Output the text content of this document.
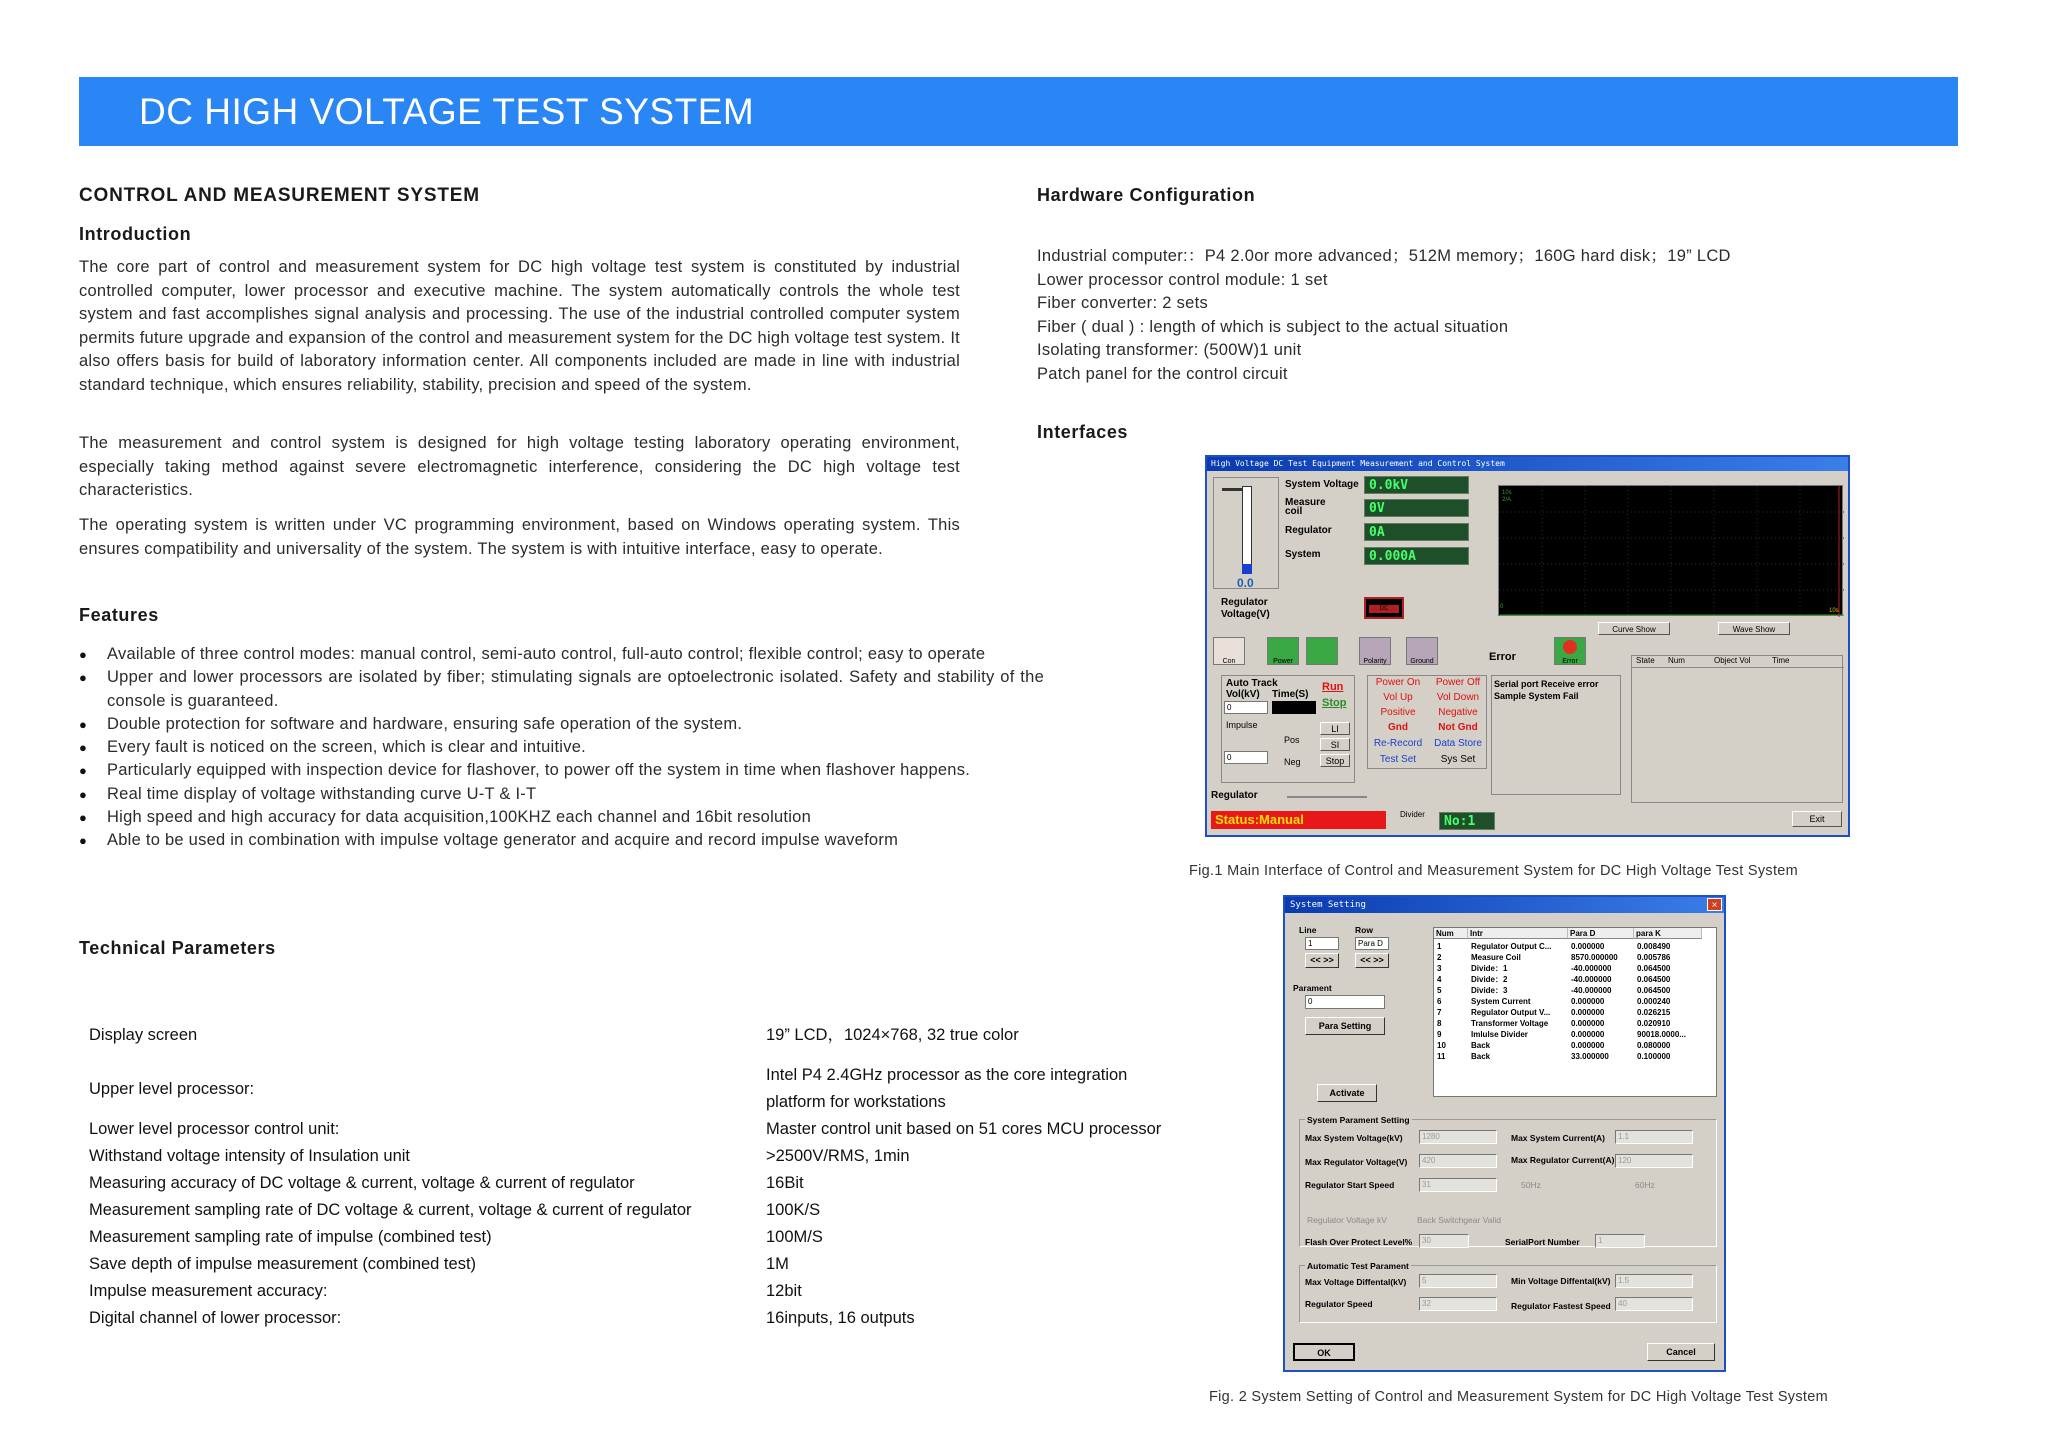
DC HIGH VOLTAGE TEST SYSTEM
CONTROL AND MEASUREMENT SYSTEM
Introduction

The core part of control and measurement system for DC high voltage test system is constituted by industrial controlled computer, lower processor and executive machine. The system automatically controls the whole test system and fast accomplishes signal analysis and processing. The use of the industrial controlled computer system permits future upgrade and expansion of the control and measurement system for the DC high voltage test system. It also offers basis for build of laboratory information center. All components included are made in line with industrial standard technique, which ensures reliability, stability, precision and speed of the system.

The measurement and control system is designed for high voltage testing laboratory operating environment, especially taking method against severe electromagnetic interference, considering the DC high voltage test characteristics.

The operating system is written under VC programming environment, based on Windows operating system. This ensures compatibility and universality of the system. The system is with intuitive interface, easy to operate.

Features
● Available of three control modes: manual control, semi-auto control, full-auto control; flexible control; easy to operate
● Upper and lower processors are isolated by fiber; stimulating signals are optoelectronic isolated. Safety and stability of the console is guaranteed.
● Double protection for software and hardware, ensuring safe operation of the system.
● Every fault is noticed on the screen, which is clear and intuitive.
● Particularly equipped with inspection device for flashover, to power off the system in time when flashover happens.
● Real time display of voltage withstanding curve U-T & I-T
● High speed and high accuracy for data acquisition,100KHZ each channel and 16bit resolution
● Able to be used in combination with impulse voltage generator and acquire and record impulse waveform
Technical Parameters
Display screen	19” LCD，1024×768, 32 true color
Upper level processor:
Intel P4 2.4GHz processor as the core integration
platform for workstations
Lower level processor control unit:	Master control unit based on 51 cores MCU processor
Withstand voltage intensity of Insulation unit	>2500V/RMS, 1min
Measuring accuracy of DC voltage & current, voltage & current of regulator	16Bit
Measurement sampling rate of DC voltage & current, voltage & current of regulator	100K/S
Measurement sampling rate of impulse (combined test)	100M/S
Save depth of impulse measurement (combined test)	1M
Impulse measurement accuracy:	12bit
Digital channel of lower processor:	16inputs, 16 outputs
Hardware Configuration
Industrial computer:：P4 2.0or more advanced；512M memory；160G hard disk；19” LCD
Lower processor control module: 1 set
Fiber converter: 2 sets
Fiber ( dual ) : length of which is subject to the actual situation
Isolating transformer: (500W)1 unit
Patch panel for the control circuit
Interfaces
High Voltage DC Test Equipment Measurement and Control System
0.0
System Voltage 0.0kV
Measure coil	0V
Regulator	0A
System	0.000A
Regulator Voltage(V)	DC
10s 2/A
0
10s
Curve Show	Wave Show
Con	Power	Polarity	Ground	Error	Error
Auto Track
Vol(kV) Time(S)
Run
Stop
0
Impulse
Pos
Neg
LI
SI
Stop
0
Power On	Power Off
Vol Up	Vol Down
Positive	Negative
Gnd	Not Gnd
Re-Record	Data Store
Test Set	Sys Set
Serial port Receive error
Sample System Fail
State Num	Object Vol	Time
Regulator
Status:Manual	Divider	No:1	Exit
Fig.1 Main Interface of Control and Measurement System for DC High Voltage Test System
System Setting	×
Line
1
<< >>
Row
Para D
<< >>
Parament
0
Para Setting
Activate
Num	Intr	Para D	para K
1	Regulator Output C...	0.000000	0.008490
2	Measure Coil	8570.000000	0.005786
3	Divide：1	-40.000000	0.064500
4	Divide：2	-40.000000	0.064500
5	Divide：3	-40.000000	0.064500
6	System Current	0.000000	0.000240
7	Regulator Output V...	0.000000	0.026215
8	Transformer Voltage	0.000000	0.020910
9	Imlulse Divider	0.000000	90018.0000...
10	Back	0.000000	0.080000
11	Back	33.000000	0.100000
System Parament Setting
Max System Voltage(kV)	1280	Max System Current(A)	1.1
Max Regulator Voltage(V)	420	Max Regulator Current(A) 120
Regulator Start Speed	31	50Hz	60Hz
Regulator Voltage kV	Back Switchgear Valid
Flash Over Protect Level%	30	SerialPort Number	1
Automatic Test Parament
Max Voltage Diffental(kV)	5	Min Voltage Diffental(kV) 1.5
Regulator Speed	32	Regulator Fastest Speed 40
OK	Cancel
Fig. 2 System Setting of Control and Measurement System for DC High Voltage Test System
